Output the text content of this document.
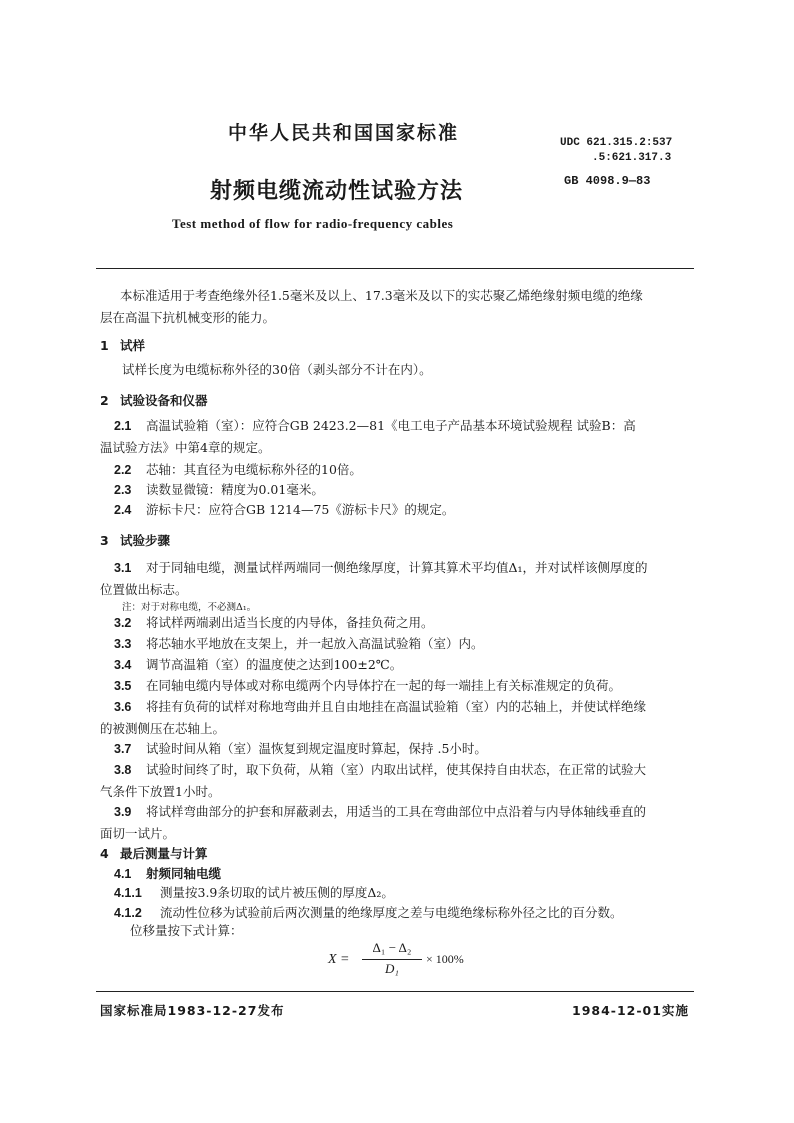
中华人民共和国国家标准	UDC 621.315.2:537
.5:621.317.3
射频电缆流动性试验方法	GB 4098.9—83
Test method of flow for radio-frequency cables
本标准适用于考查绝缘外径1.5毫米及以上、17.3毫米及以下的实芯聚乙烯绝缘射频电缆的绝缘
层在高温下抗机械变形的能力。
1 试样
试样长度为电缆标称外径的30倍（剥头部分不计在内）。
2 试验设备和仪器
2.1 高温试验箱（室）：应符合GB 2423.2—81《电工电子产品基本环境试验规程 试验B：高
温试验方法》中第4章的规定。
2.2 芯轴：其直径为电缆标称外径的10倍。
2.3 读数显微镜：精度为0.01毫米。
2.4 游标卡尺：应符合GB 1214—75《游标卡尺》的规定。
3 试验步骤
3.1 对于同轴电缆，测量试样两端同一侧绝缘厚度，计算其算术平均值Δ₁，并对试样该侧厚度的
位置做出标志。
注：对于对称电缆，不必测Δ₁。
3.2 将试样两端剥出适当长度的内导体，备挂负荷之用。
3.3 将芯轴水平地放在支架上，并一起放入高温试验箱（室）内。
3.4 调节高温箱（室）的温度使之达到100±2℃。
3.5 在同轴电缆内导体或对称电缆两个内导体拧在一起的每一端挂上有关标准规定的负荷。
3.6 将挂有负荷的试样对称地弯曲并且自由地挂在高温试验箱（室）内的芯轴上，并使试样绝缘
的被测侧压在芯轴上。
3.7 试验时间从箱（室）温恢复到规定温度时算起，保持 .5小时。
3.8 试验时间终了时，取下负荷，从箱（室）内取出试样，使其保持自由状态，在正常的试验大
气条件下放置1小时。
3.9 将试样弯曲部分的护套和屏蔽剥去，用适当的工具在弯曲部位中点沿着与内导体轴线垂直的
面切一试片。
4 最后测量与计算
4.1 射频同轴电缆
4.1.1 测量按3.9条切取的试片被压侧的厚度Δ₂。
4.1.2 流动性位移为试验前后两次测量的绝缘厚度之差与电缆绝缘标称外径之比的百分数。
位移量按下式计算：
X =
Δ₁ − Δ₂
D₁
× 100%
国家标准局1983-12-27发布	1984-12-01实施
